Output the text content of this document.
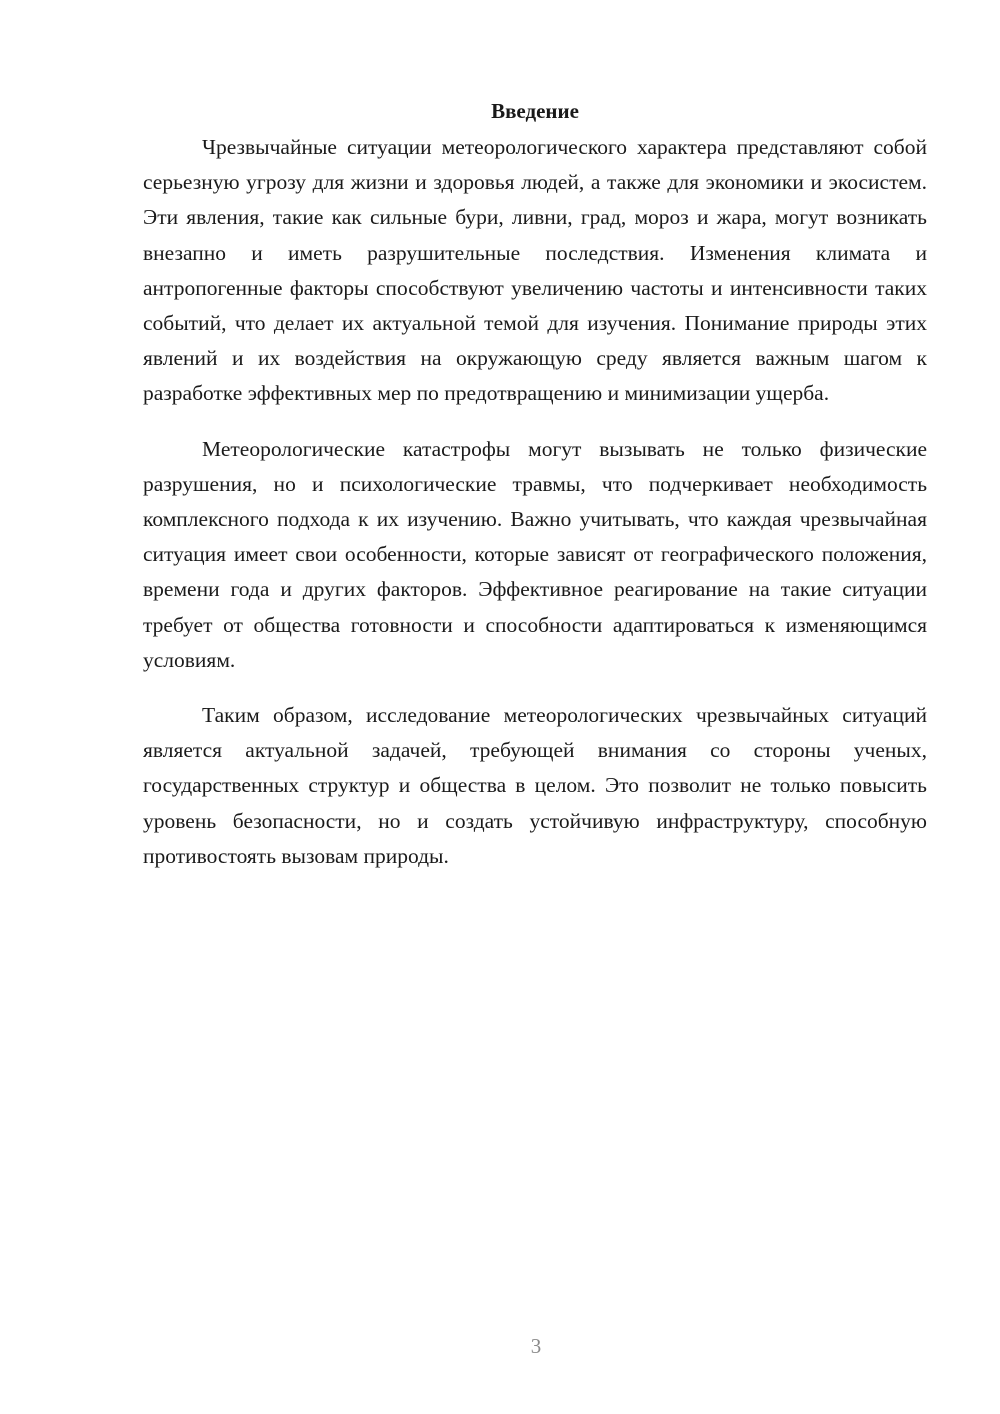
Введение

Чрезвычайные ситуации метеорологического характера представляют собой серьезную угрозу для жизни и здоровья людей, а также для экономики и экосистем. Эти явления, такие как сильные бури, ливни, град, мороз и жара, могут возникать внезапно и иметь разрушительные последствия. Изменения климата и антропогенные факторы способствуют увеличению частоты и интенсивности таких событий, что делает их актуальной темой для изучения. Понимание природы этих явлений и их воздействия на окружающую среду является важным шагом к разработке эффективных мер по предотвращению и минимизации ущерба.

Метеорологические катастрофы могут вызывать не только физические разрушения, но и психологические травмы, что подчеркивает необходимость комплексного подхода к их изучению. Важно учитывать, что каждая чрезвычайная ситуация имеет свои особенности, которые зависят от географического положения, времени года и других факторов. Эффективное реагирование на такие ситуации требует от общества готовности и способности адаптироваться к изменяющимся условиям.

Таким образом, исследование метеорологических чрезвычайных ситуаций является актуальной задачей, требующей внимания со стороны ученых, государственных структур и общества в целом. Это позволит не только повысить уровень безопасности, но и создать устойчивую инфраструктуру, способную противостоять вызовам природы.

3
